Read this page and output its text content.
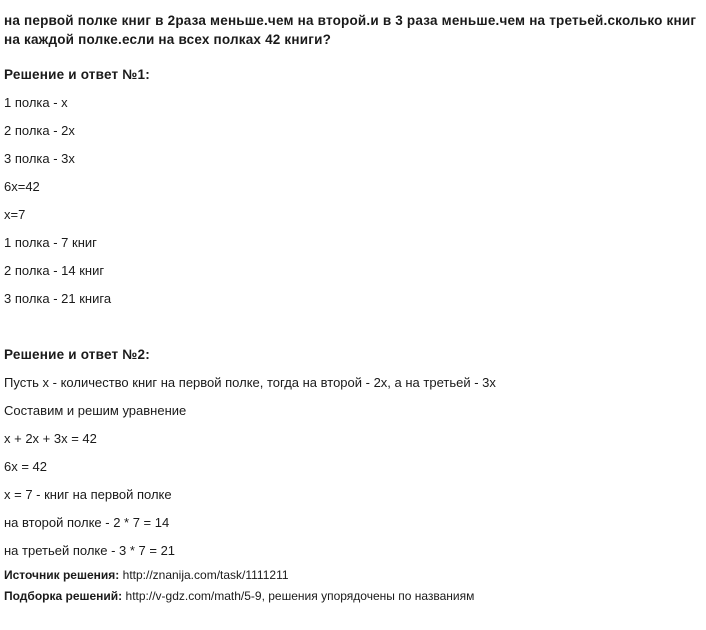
на первой полке книг в 2раза меньше.чем на второй.и в 3 раза меньше.чем на третьей.сколько книг на каждой полке.если на всех полках 42 книги?

Решение и ответ №1:

1 полка - х

2 полка - 2х

3 полка - 3х

6х=42

х=7

1 полка - 7 книг

2 полка - 14 книг

3 полка - 21 книга

Решение и ответ №2:

Пусть х - количество книг на первой полке, тогда на второй - 2х, а на третьей - 3х

Составим и решим уравнение

х + 2х + 3х = 42

6х = 42

х = 7 - книг на первой полке

на второй полке - 2 * 7 = 14

на третьей полке - 3 * 7 = 21

Источник решения: http://znanija.com/task/1111211

Подборка решений: http://v-gdz.com/math/5-9, решения упорядочены по названиям
